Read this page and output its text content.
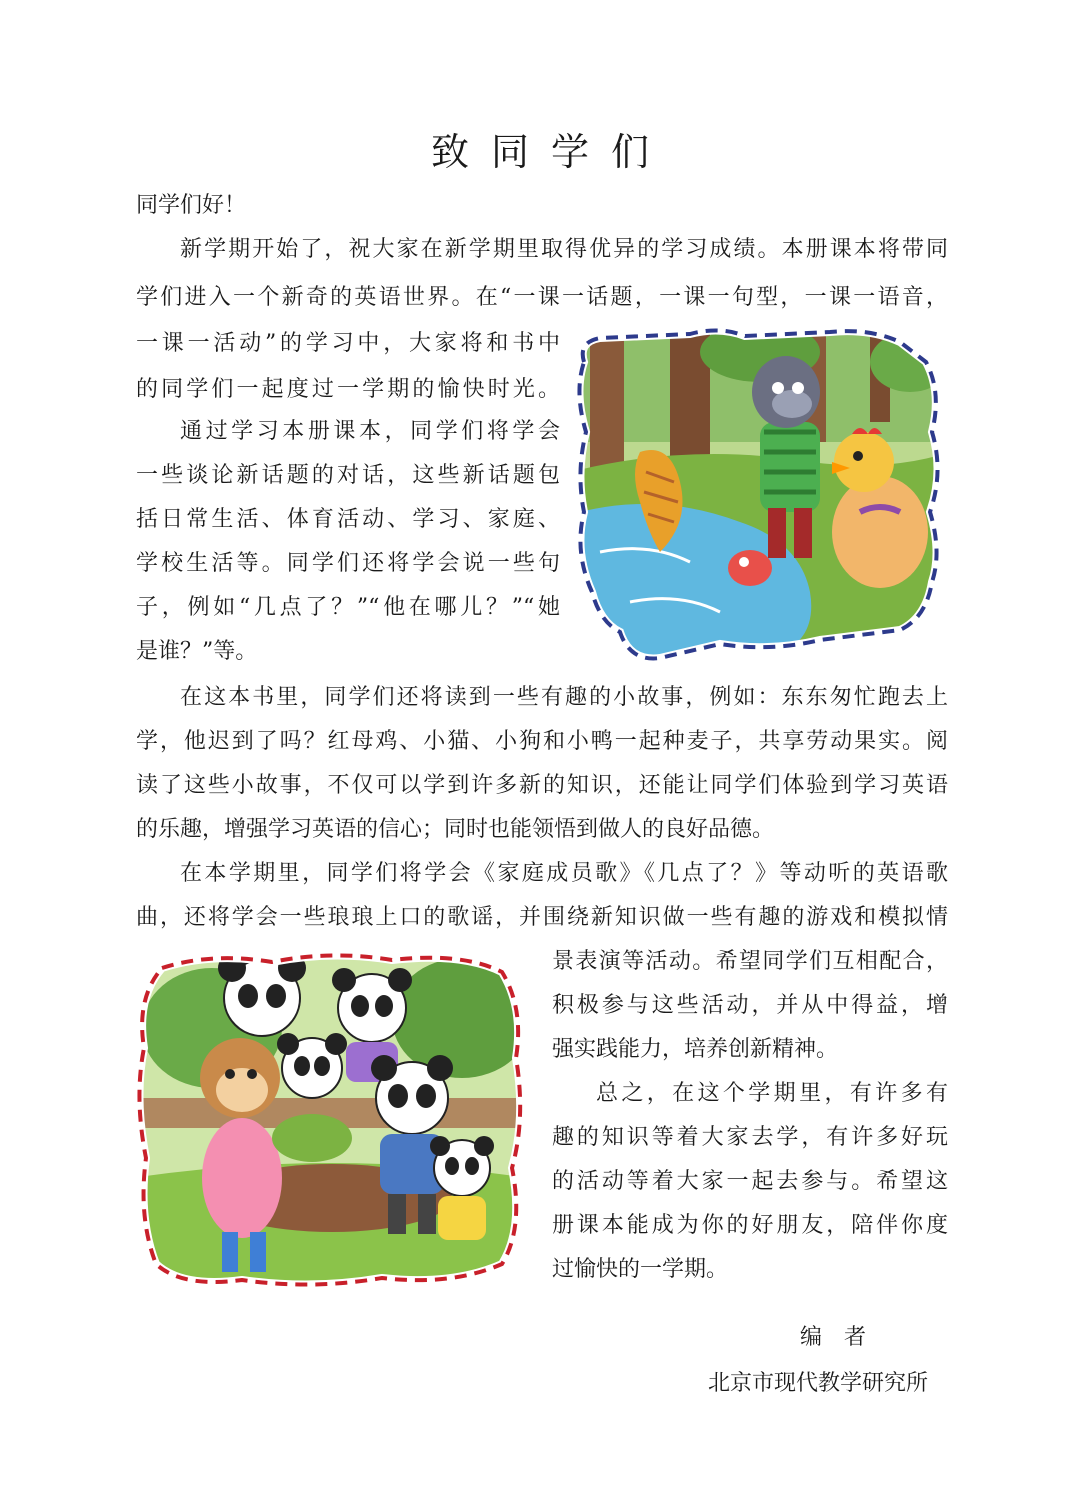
致同学们
同学们好！
新学期开始了，祝大家在新学期里取得优异的学习成绩。本册课本将带同
学们进入一个新奇的英语世界。在“一课一话题，一课一句型，一课一语音，
一课一活动”的学习中，大家将和书中
的同学们一起度过一学期的愉快时光。
通过学习本册课本，同学们将学会
一些谈论新话题的对话，这些新话题包
括日常生活、体育活动、学习、家庭、
学校生活等。同学们还将学会说一些句
子，例如“几点了？”“他在哪儿？”“她
是谁？”等。
在这本书里，同学们还将读到一些有趣的小故事，例如：东东匆忙跑去上
学，他迟到了吗？红母鸡、小猫、小狗和小鸭一起种麦子，共享劳动果实。阅
读了这些小故事，不仅可以学到许多新的知识，还能让同学们体验到学习英语
的乐趣，增强学习英语的信心；同时也能领悟到做人的良好品德。
在本学期里，同学们将学会《家庭成员歌》《几点了？》等动听的英语歌
曲，还将学会一些琅琅上口的歌谣，并围绕新知识做一些有趣的游戏和模拟情
景表演等活动。希望同学们互相配合，
积极参与这些活动，并从中得益，增
强实践能力，培养创新精神。
总之，在这个学期里，有许多有
趣的知识等着大家去学，有许多好玩
的活动等着大家一起去参与。希望这
册课本能成为你的好朋友，陪伴你度
过愉快的一学期。
编者
北京市现代教学研究所
